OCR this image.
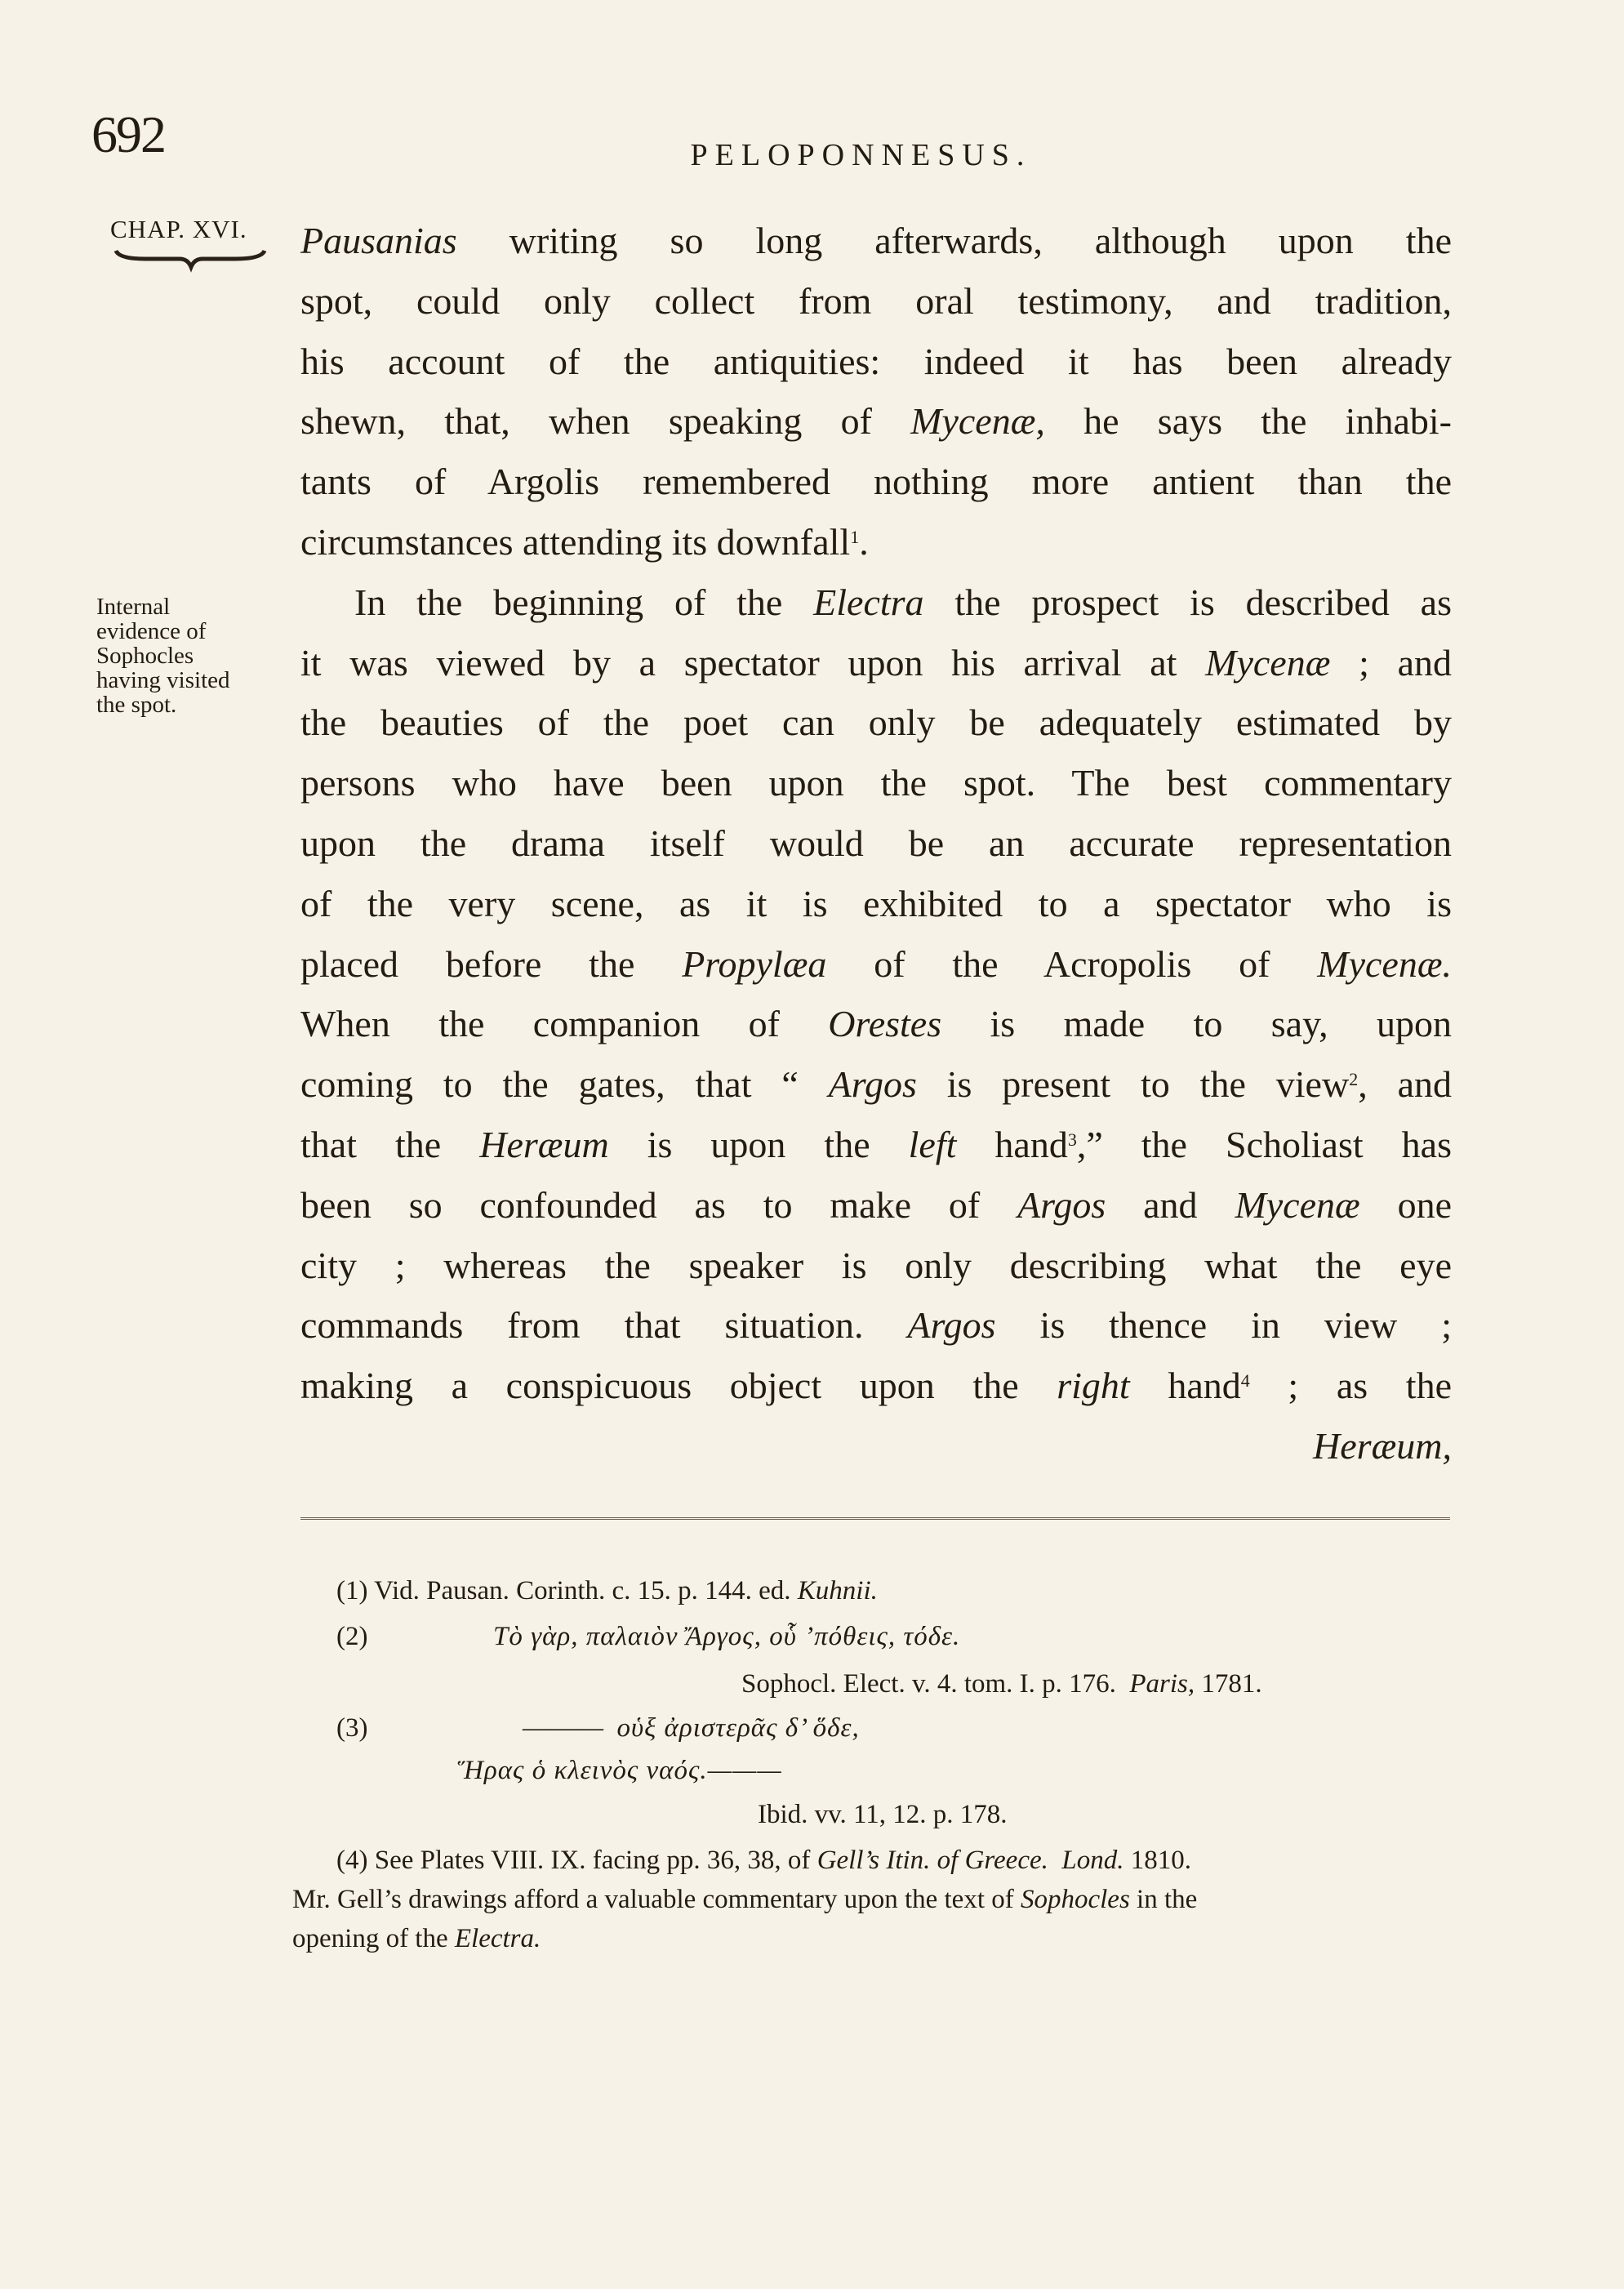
692	PELOPONNESUS.
CHAP. XVI.
Internal
evidence of
Sophocles
having visited
the spot.
Pausanias writing so long afterwards, although upon the
spot, could only collect from oral testimony, and tradition,
his account of the antiquities: indeed it has been already
shewn, that, when speaking of Mycenæ, he says the inhabi-
tants of Argolis remembered nothing more antient than the
circumstances attending its downfall$^1$.
In the beginning of the Electra the prospect is described as
it was viewed by a spectator upon his arrival at Mycenæ ; and
the beauties of the poet can only be adequately estimated by
persons who have been upon the spot. The best commentary
upon the drama itself would be an accurate representation
of the very scene, as it is exhibited to a spectator who is
placed before the Propylæa of the Acropolis of Mycenæ.
When the companion of Orestes is made to say, upon
coming to the gates, that “ Argos is present to the view$^2$, and
that the Heræum is upon the left hand$^3$,” the Scholiast has
been so confounded as to make of Argos and Mycenæ one
city ; whereas the speaker is only describing what the eye
commands from that situation. Argos is thence in view ;
making a conspicuous object upon the right hand$^4$ ; as the
Heræum,
(1) Vid. Pausan. Corinth. c. 15. p. 144. ed. Kuhnii.
(2)	Τὸ γὰρ, παλαιὸν Ἄργος, οὗ ’πόθεις, τόδε.
Sophocl. Elect. v. 4. tom. I. p. 176. Paris, 1781.
(3)	——— οὑξ ἀριστερᾶς δ’ ὅδε,
Ἥρας ὁ κλεινὸς ναός.———
Ibid. vv. 11, 12. p. 178.
(4) See Plates VIII. IX. facing pp. 36, 38, of Gell’s Itin. of Greece. Lond. 1810.
Mr. Gell’s drawings afford a valuable commentary upon the text of Sophocles in the
opening of the Electra.
